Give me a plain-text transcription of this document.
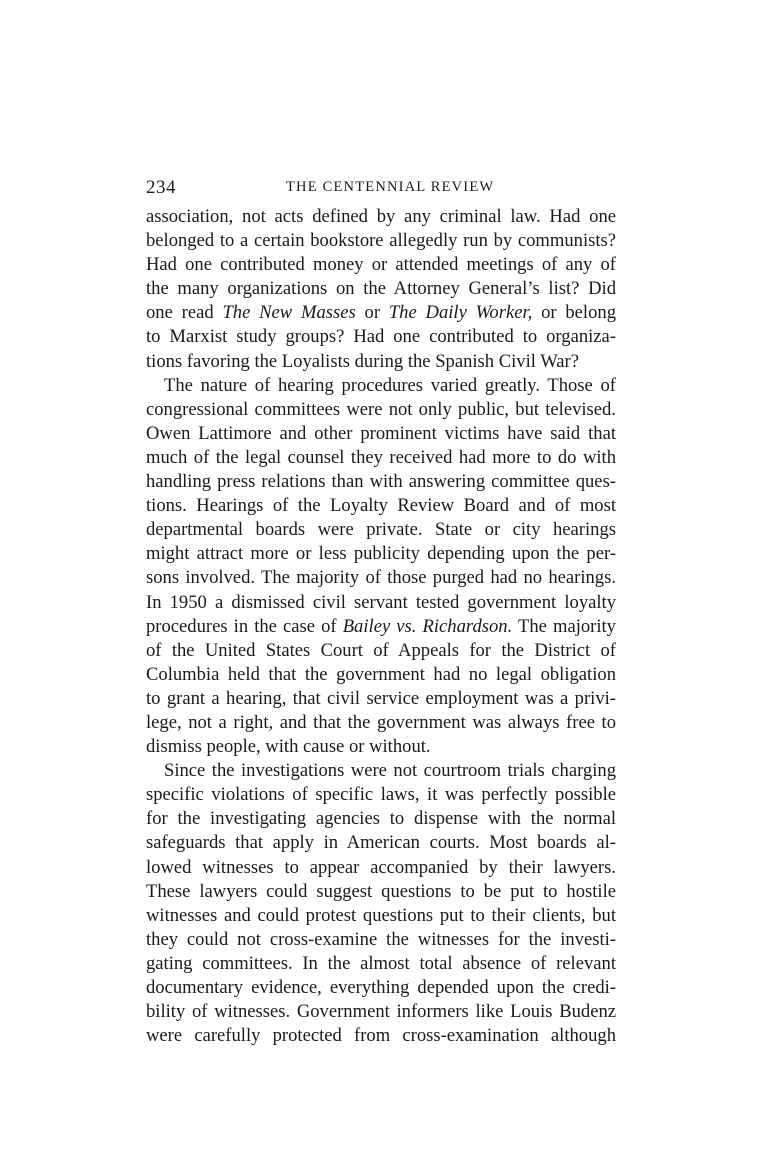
234	THE CENTENNIAL REVIEW
association, not acts defined by any criminal law. Had one
belonged to a certain bookstore allegedly run by communists?
Had one contributed money or attended meetings of any of
the many organizations on the Attorney General’s list? Did
one read The New Masses or The Daily Worker, or belong
to Marxist study groups? Had one contributed to organiza-
tions favoring the Loyalists during the Spanish Civil War?
The nature of hearing procedures varied greatly. Those of
congressional committees were not only public, but televised.
Owen Lattimore and other prominent victims have said that
much of the legal counsel they received had more to do with
handling press relations than with answering committee ques-
tions. Hearings of the Loyalty Review Board and of most
departmental boards were private. State or city hearings
might attract more or less publicity depending upon the per-
sons involved. The majority of those purged had no hearings.
In 1950 a dismissed civil servant tested government loyalty
procedures in the case of Bailey vs. Richardson. The majority
of the United States Court of Appeals for the District of
Columbia held that the government had no legal obligation
to grant a hearing, that civil service employment was a privi-
lege, not a right, and that the government was always free to
dismiss people, with cause or without.
Since the investigations were not courtroom trials charging
specific violations of specific laws, it was perfectly possible
for the investigating agencies to dispense with the normal
safeguards that apply in American courts. Most boards al-
lowed witnesses to appear accompanied by their lawyers.
These lawyers could suggest questions to be put to hostile
witnesses and could protest questions put to their clients, but
they could not cross-examine the witnesses for the investi-
gating committees. In the almost total absence of relevant
documentary evidence, everything depended upon the credi-
bility of witnesses. Government informers like Louis Budenz
were carefully protected from cross-examination although
